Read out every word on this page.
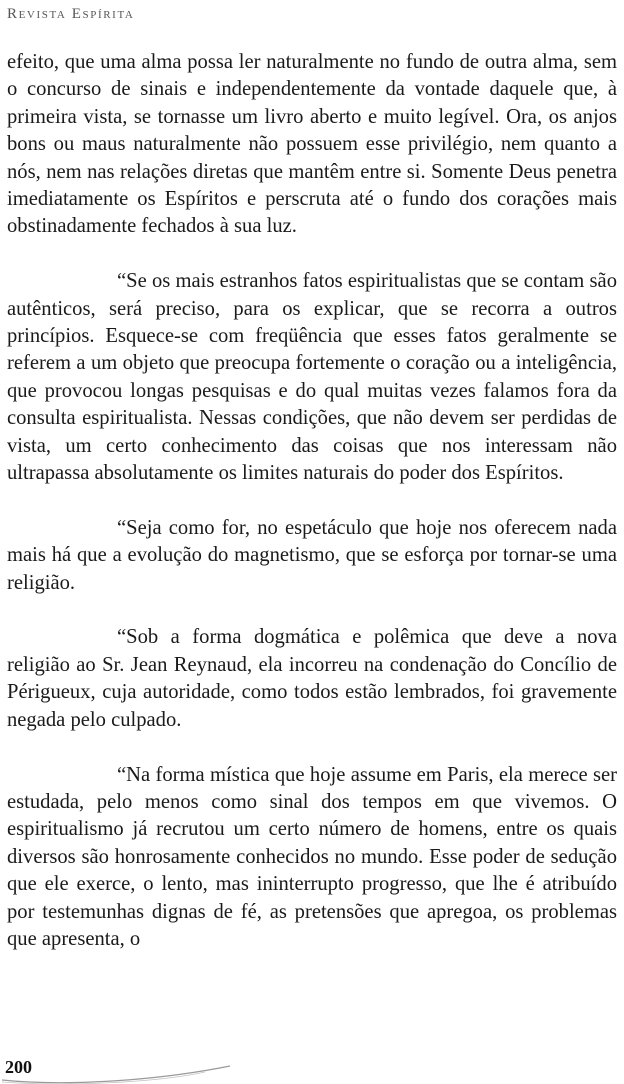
Revista Espírita

efeito, que uma alma possa ler naturalmente no fundo de outra alma, sem o concurso de sinais e independentemente da vontade daquele que, à primeira vista, se tornasse um livro aberto e muito legível. Ora, os anjos bons ou maus naturalmente não possuem esse privilégio, nem quanto a nós, nem nas relações diretas que mantêm entre si. Somente Deus penetra imediatamente os Espíritos e perscruta até o fundo dos corações mais obstinadamente fechados à sua luz.

“Se os mais estranhos fatos espiritualistas que se contam são autênticos, será preciso, para os explicar, que se recorra a outros princípios. Esquece-se com freqüência que esses fatos geralmente se referem a um objeto que preocupa fortemente o coração ou a inteligência, que provocou longas pesquisas e do qual muitas vezes falamos fora da consulta espiritualista. Nessas condições, que não devem ser perdidas de vista, um certo conhecimento das coisas que nos interessam não ultrapassa absolutamente os limites naturais do poder dos Espíritos.

“Seja como for, no espetáculo que hoje nos oferecem nada mais há que a evolução do magnetismo, que se esforça por tornar-se uma religião.

“Sob a forma dogmática e polêmica que deve a nova religião ao Sr. Jean Reynaud, ela incorreu na condenação do Concílio de Périgueux, cuja autoridade, como todos estão lembrados, foi gravemente negada pelo culpado.

“Na forma mística que hoje assume em Paris, ela merece ser estudada, pelo menos como sinal dos tempos em que vivemos. O espiritualismo já recrutou um certo número de homens, entre os quais diversos são honrosamente conhecidos no mundo. Esse poder de sedução que ele exerce, o lento, mas ininterrupto progresso, que lhe é atribuído por testemunhas dignas de fé, as pretensões que apregoa, os problemas que apresenta, o

200
